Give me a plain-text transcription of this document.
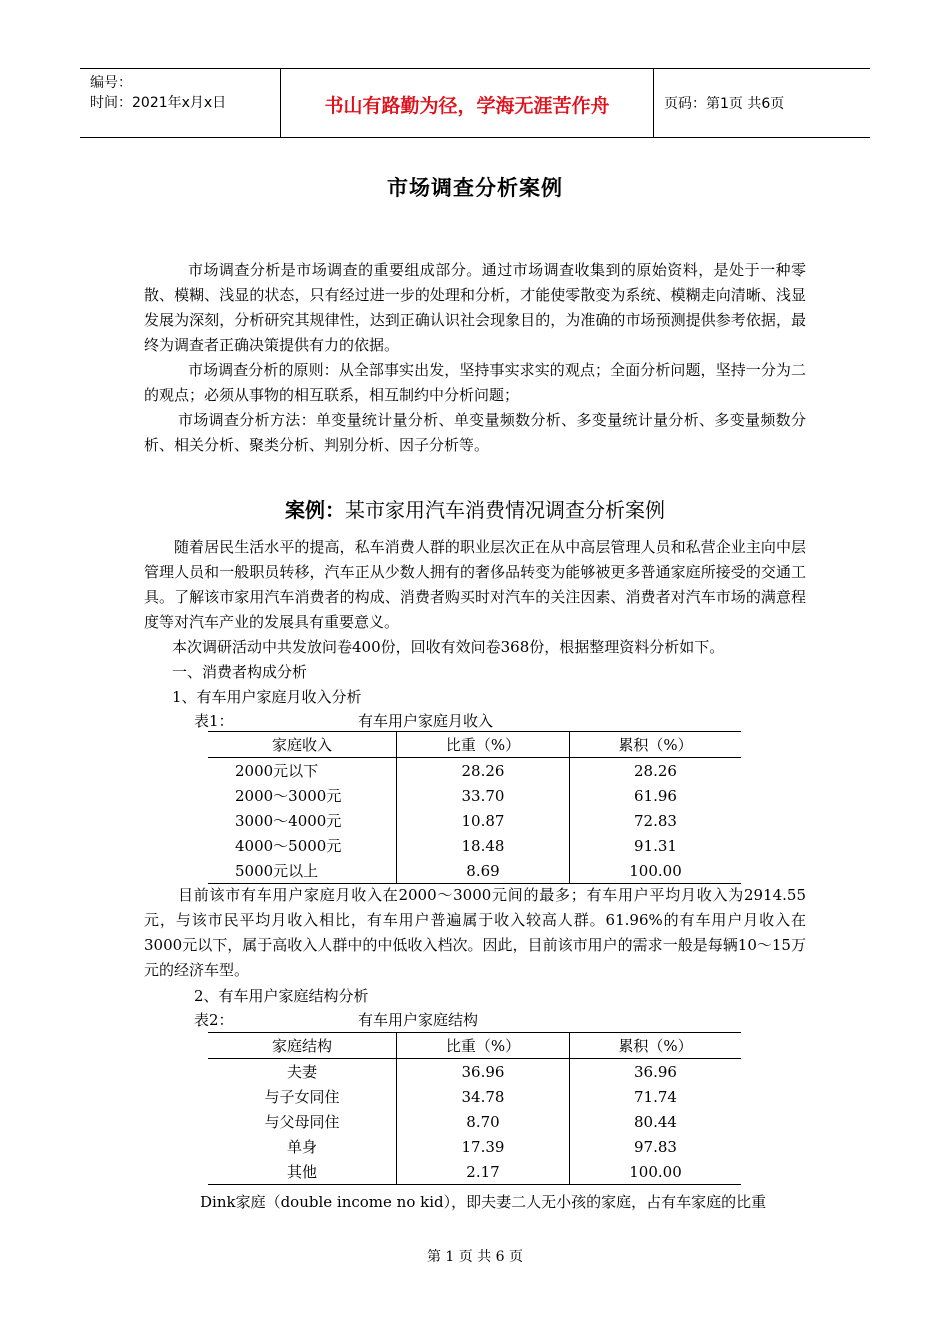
编号：
时间：2021年x月x日	书山有路勤为径，学海无涯苦作舟	页码：第1页 共6页
市场调查分析案例
市场调查分析是市场调查的重要组成部分。通过市场调查收集到的原始资料，是处于一种零散、模糊、浅显的状态，只有经过进一步的处理和分析，才能使零散变为系统、模糊走向清晰、浅显发展为深刻，分析研究其规律性，达到正确认识社会现象目的，为准确的市场预测提供参考依据，最终为调查者正确决策提供有力的依据。
市场调查分析的原则：从全部事实出发，坚持事实求实的观点；全面分析问题，坚持一分为二的观点；必须从事物的相互联系，相互制约中分析问题；
市场调查分析方法：单变量统计量分析、单变量频数分析、多变量统计量分析、多变量频数分析、相关分析、聚类分析、判别分析、因子分析等。
案例：某市家用汽车消费情况调查分析案例
随着居民生活水平的提高，私车消费人群的职业层次正在从中高层管理人员和私营企业主向中层管理人员和一般职员转移，汽车正从少数人拥有的奢侈品转变为能够被更多普通家庭所接受的交通工具。了解该市家用汽车消费者的构成、消费者购买时对汽车的关注因素、消费者对汽车市场的满意程度等对汽车产业的发展具有重要意义。
本次调研活动中共发放问卷400份，回收有效问卷368份，根据整理资料分析如下。
一、消费者构成分析
1、有车用户家庭月收入分析
表1：	有车用户家庭月收入
家庭收入	比重（%）	累积（%）
2000元以下	28.26	28.26
2000～3000元	33.70	61.96
3000～4000元	10.87	72.83
4000～5000元	18.48	91.31
5000元以上	8.69	100.00
目前该市有车用户家庭月收入在2000～3000元间的最多；有车用户平均月收入为2914.55元，与该市民平均月收入相比，有车用户普遍属于收入较高人群。61.96%的有车用户月收入在3000元以下，属于高收入人群中的中低收入档次。因此，目前该市用户的需求一般是每辆10～15万元的经济车型。
2、有车用户家庭结构分析
表2：	有车用户家庭结构
家庭结构	比重（%）	累积（%）
夫妻	36.96	36.96
与子女同住	34.78	71.74
与父母同住	8.70	80.44
单身	17.39	97.83
其他	2.17	100.00
Dink家庭（double income no kid），即夫妻二人无小孩的家庭，占有车家庭的比重
第 1 页 共 6 页
